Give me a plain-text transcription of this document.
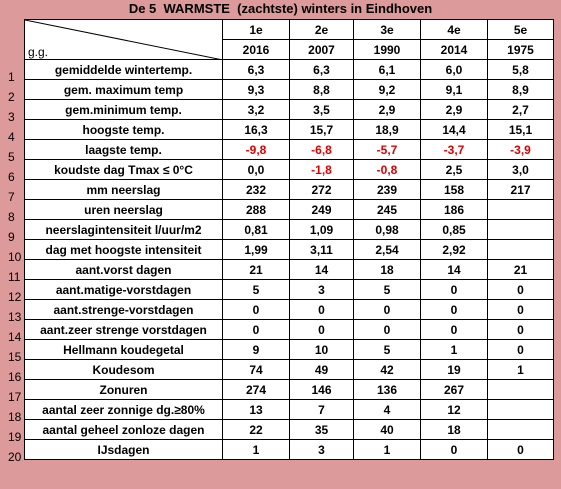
De 5  WARMSTE  (zachtste) winters in Eindhoven
1
2
3
4
5
6
7
8
9
10
11
12
13
14
15
16
17
18
19
20
g.g.	1e	2e	3e	4e	5e
	2016	2007	1990	2014	1975
gemiddelde wintertemp.	6,3	6,3	6,1	6,0	5,8
gem. maximum temp	9,3	8,8	9,2	9,1	8,9
gem.minimum temp.	3,2	3,5	2,9	2,9	2,7
hoogste temp.	16,3	15,7	18,9	14,4	15,1
laagste temp.	-9,8	-6,8	-5,7	-3,7	-3,9
koudste dag Tmax ≤ 0°C	0,0	-1,8	-0,8	2,5	3,0
mm neerslag	232	272	239	158	217
uren neerslag	288	249	245	186	
neerslagintensiteit l/uur/m2	0,81	1,09	0,98	0,85	
dag met hoogste intensiteit	1,99	3,11	2,54	2,92	
aant.vorst dagen	21	14	18	14	21
aant.matige-vorstdagen	5	3	5	0	0
aant.strenge-vorstdagen	0	0	0	0	0
aant.zeer strenge vorstdagen	0	0	0	0	0
Hellmann koudegetal	9	10	5	1	0
Koudesom	74	49	42	19	1
Zonuren	274	146	136	267	
aantal zeer zonnige dg.≥80%	13	7	4	12	
aantal geheel zonloze dagen	22	35	40	18	
IJsdagen	1	3	1	0	0
